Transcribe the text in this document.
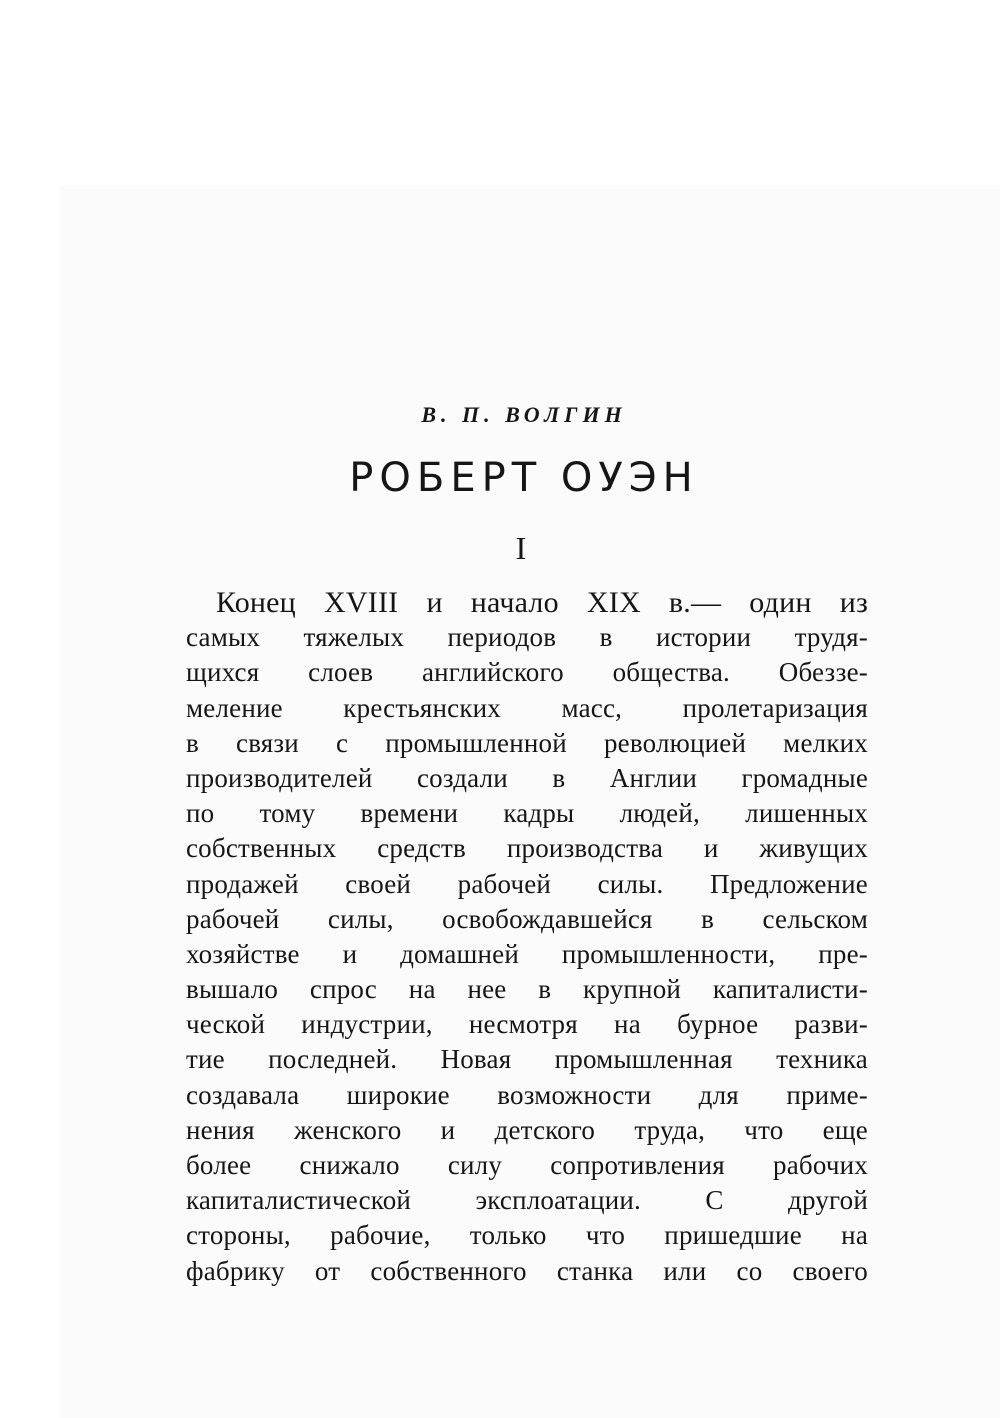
В. П. ВОЛГИН

РОБЕРТ ОУЭН

I

Конец XVIII и начало XIX в.— один из
самых тяжелых периодов в истории трудя-
щихся слоев английского общества. Обеззе-
меление крестьянских масс, пролетаризация
в связи с промышленной революцией мелких
производителей создали в Англии громадные
по тому времени кадры людей, лишенных
собственных средств производства и живущих
продажей своей рабочей силы. Предложение
рабочей силы, освобождавшейся в сельском
хозяйстве и домашней промышленности, пре-
вышало спрос на нее в крупной капиталисти-
ческой индустрии, несмотря на бурное разви-
тие последней. Новая промышленная техника
создавала широкие возможности для приме-
нения женского и детского труда, что еще
более снижало силу сопротивления рабочих
капиталистической эксплоатации. С другой
стороны, рабочие, только что пришедшие на
фабрику от собственного станка или со своего
